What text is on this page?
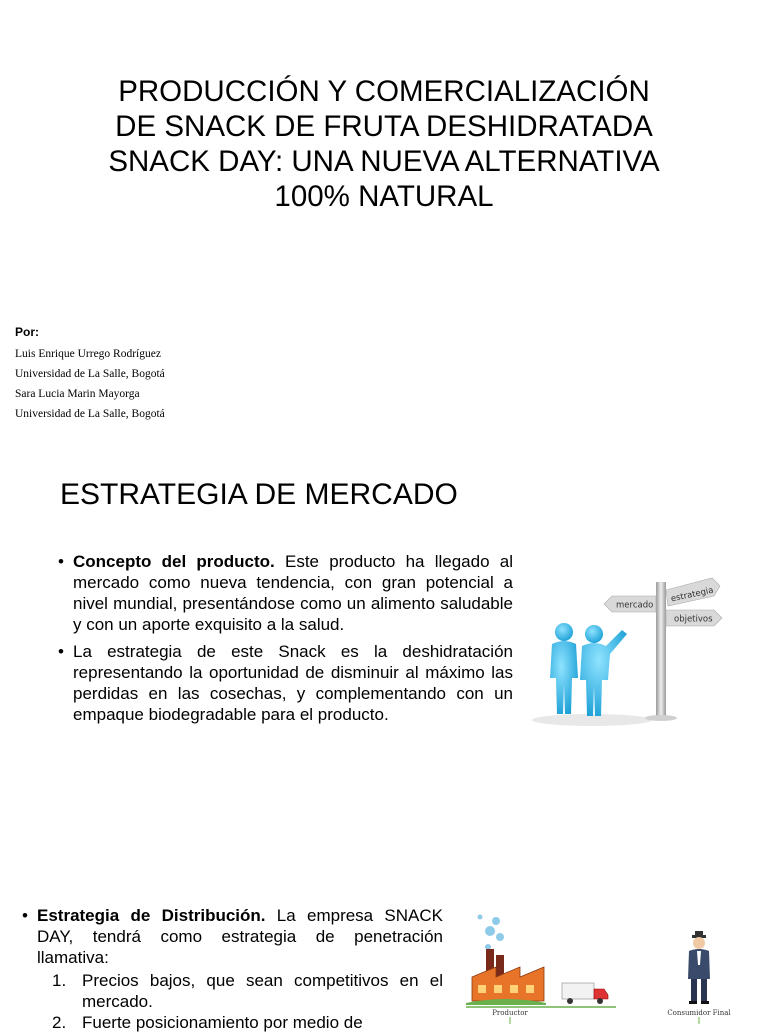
PRODUCCIÓN Y COMERCIALIZACIÓN
DE SNACK DE FRUTA DESHIDRATADA
SNACK DAY: UNA NUEVA ALTERNATIVA
100% NATURAL
Por:
Luis Enrique Urrego Rodríguez
Universidad de La Salle, Bogotá
Sara Lucia Marin Mayorga
Universidad de La Salle, Bogotá
ESTRATEGIA DE MERCADO
• Concepto del producto. Este producto ha llegado al mercado como nueva tendencia, con gran potencial a nivel mundial, presentándose como un alimento saludable y con un aporte exquisito a la salud.
• La estrategia de este Snack es la deshidratación representando la oportunidad de disminuir al máximo las perdidas en las cosechas, y complementando con un empaque biodegradable para el producto.
estrategia
mercado
objetivos
• Estrategia de Distribución. La empresa SNACK DAY, tendrá como estrategia de penetración llamativa:
1. Precios bajos, que sean competitivos en el mercado.
2. Fuerte posicionamiento por medio de	Productor	Consumidor Final
